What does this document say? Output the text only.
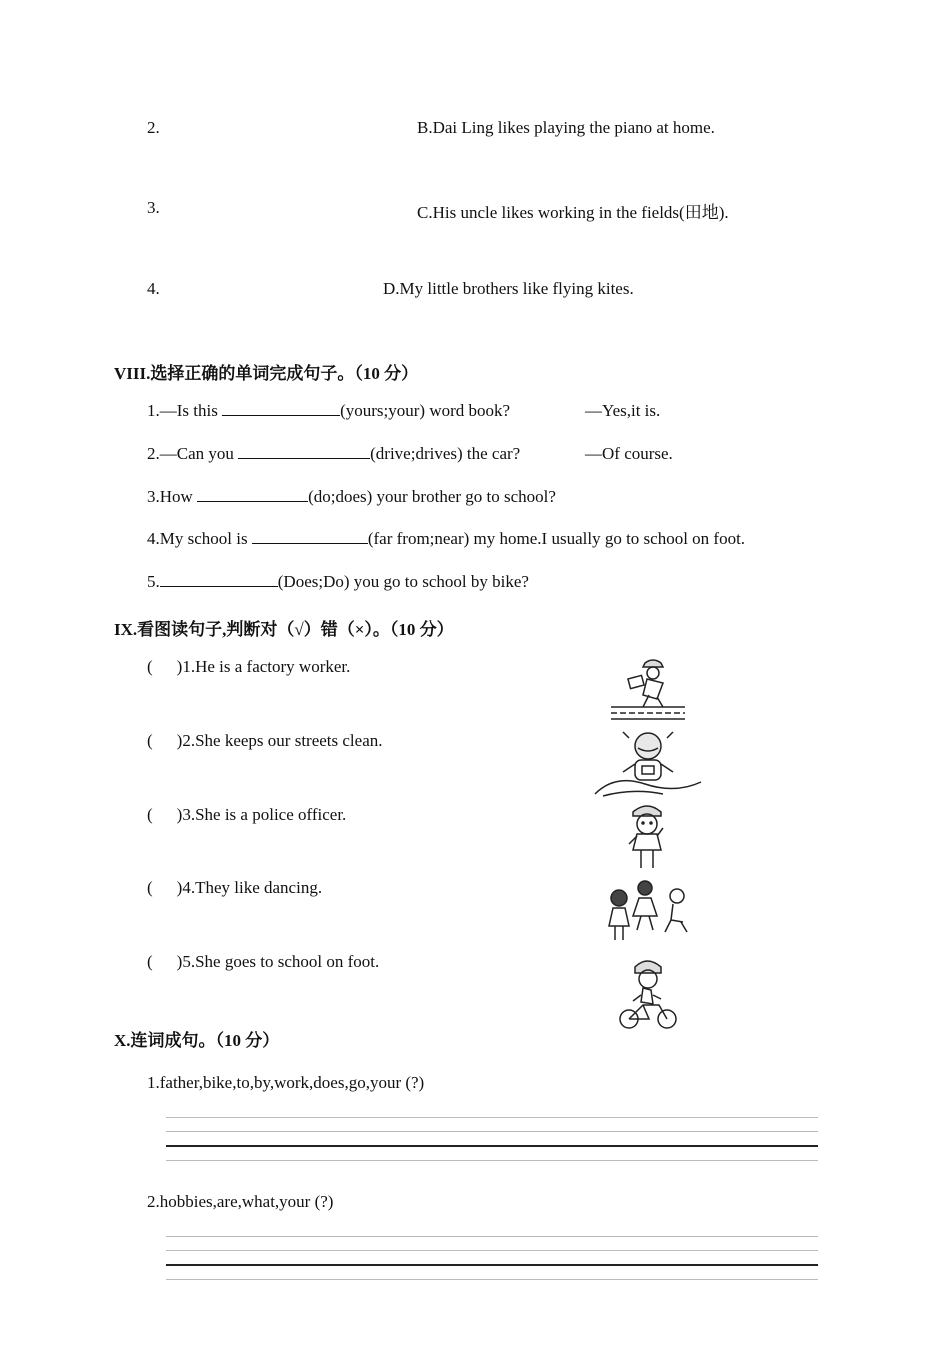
2.	B.Dai Ling likes playing the piano at home.
3.	C.His uncle likes working in the fields(田地).
4.	D.My little brothers like flying kites.
VIII.选择正确的单词完成句子。（10 分）
1.—Is this	(yours;your) word book?	—Yes,it is.
2.—Can you	(drive;drives) the car?	—Of course.
3.How	(do;does) your brother go to school?
4.My school is	(far from;near) my home.I usually go to school on foot.
5.	(Does;Do) you go to school by bike?
IX.看图读句子,判断对（√）错（×）。（10 分）
( )1.He is a factory worker.
( )2.She keeps our streets clean.
( )3.She is a police officer.
( )4.They like dancing.
( )5.She goes to school on foot.
X.连词成句。（10 分）
1.father,bike,to,by,work,does,go,your (?)
2.hobbies,are,what,your (?)
